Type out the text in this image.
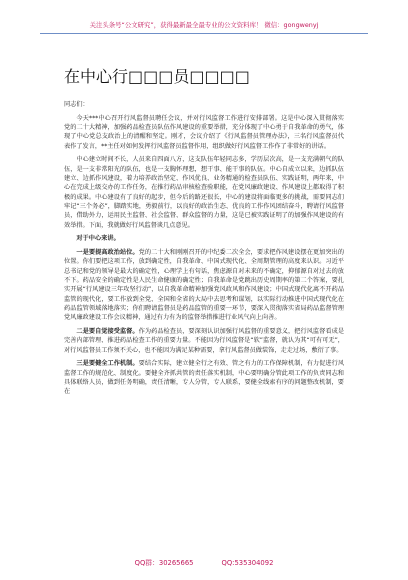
关注头条号“公文研究”，获得最新最全最专业的公文资料库！ 微信：gongwenyj
在中心行□□□员□□□□

同志们：

今天***中心召开行风监督员聘任会议，并对行风监督工作进行安排部署。这是中心深入贯彻落实党的二十大精神，加强药品检查员队伍作风建设的重要举措，充分体现了中心勇于自我革命的勇气，体现了中心党总支政治上的清醒和坚定。刚才，会议介绍了《行风监督员管理办法》，三名行风监督员代表作了发言，**主任对如何发挥行风监督员监督作用，组织做好行风监督工作作了非常好的讲话。

中心建立时间不长，人员来自四面八方，这支队伍年轻同志多，学历层次高，是一支充满朝气的队伍，是一支非常阳光的队伍，也是一支胸怀理想，想干事、能干事的队伍。中心自成立以来，边抓队伍建立、边抓作风建设，着力培养政治坚定、作风优良、业务精通的检查员队伍、实践证明，两年来，中心在完成上级交办的工作任务，在推行药品审核检查验职能，在党风廉政建设、作风建设上都取得了积极的成果。中心建设有了良好的起步，但今后的路还很长，中心的建设将面临更多的挑战，需要同志们牢记“三个务必”，脚踏实地，勇毅前行，以良好的政治生态、优良的工作作风团结奋斗，聘请行风监督员，借助外力，运用民主监督、社会监督、群众监督的力量，这是已被实践证明了的加强作风建设的有效举措。下面，我就做好行风监督谈几点意见。

对于中心来讲。

一是要提高政治站位。党的二十大和刚刚召开的中纪委二次全会，要求把作风建设摆在更加突出的位置。你们要把这项工作，放到确定性，自我革命、中国式现代化、全周期管理的高度来认识。习近平总书记和党的领导是最大的确定性，心理学上有句话，焦虑源自对未来的不确定，抑郁源自对过去的放不下。药品安全的确定性是人民生命健康的确定性；自我革命是党跳出历史周期率的第二个答案，要扎实开展“行风建设三年攻坚行动”，以自我革命精神加强党风政风和作风建设；中国式现代化离不开药品监管的现代化，要工作放到全党、全国和全省的大局中去思考和谋划，以实际行动推进中国式现代化在药品监管领域落地落实；你们聘请监督员是药品监管的重要一环节，要深入贯彻落实省局药品监督管理党风廉政建设工作会议精神，通过有力有为的监督举措推进行业风气向上向善。

二是要自觉接受监督。作为药品检查员，要深刻认识加强行风监督的重要意义，把行风监督看成是完善内部管理、推进药品检查工作的重要力量。不能因为行风监督是“软”监督，就认为其“可有可无”，对行风监督员工作须不关心，也不能因为满足某种需要，拿行风监督员做装饰，走走过场，敷衍了事。

三是要健全工作机制。要结合实际，建立健全行之有效、管之有力的工作保障机制，有力促进行风监督工作的规范化、制度化。要健全齐抓共管的责任落实机制，中心要明确分管此项工作的负责同志和具体联络人员，做到任务明确，责任清晰，专人分管，专人联系，要健全线索有序的问题整改机制，要在

QQ群：30265665	QQ:535304092
